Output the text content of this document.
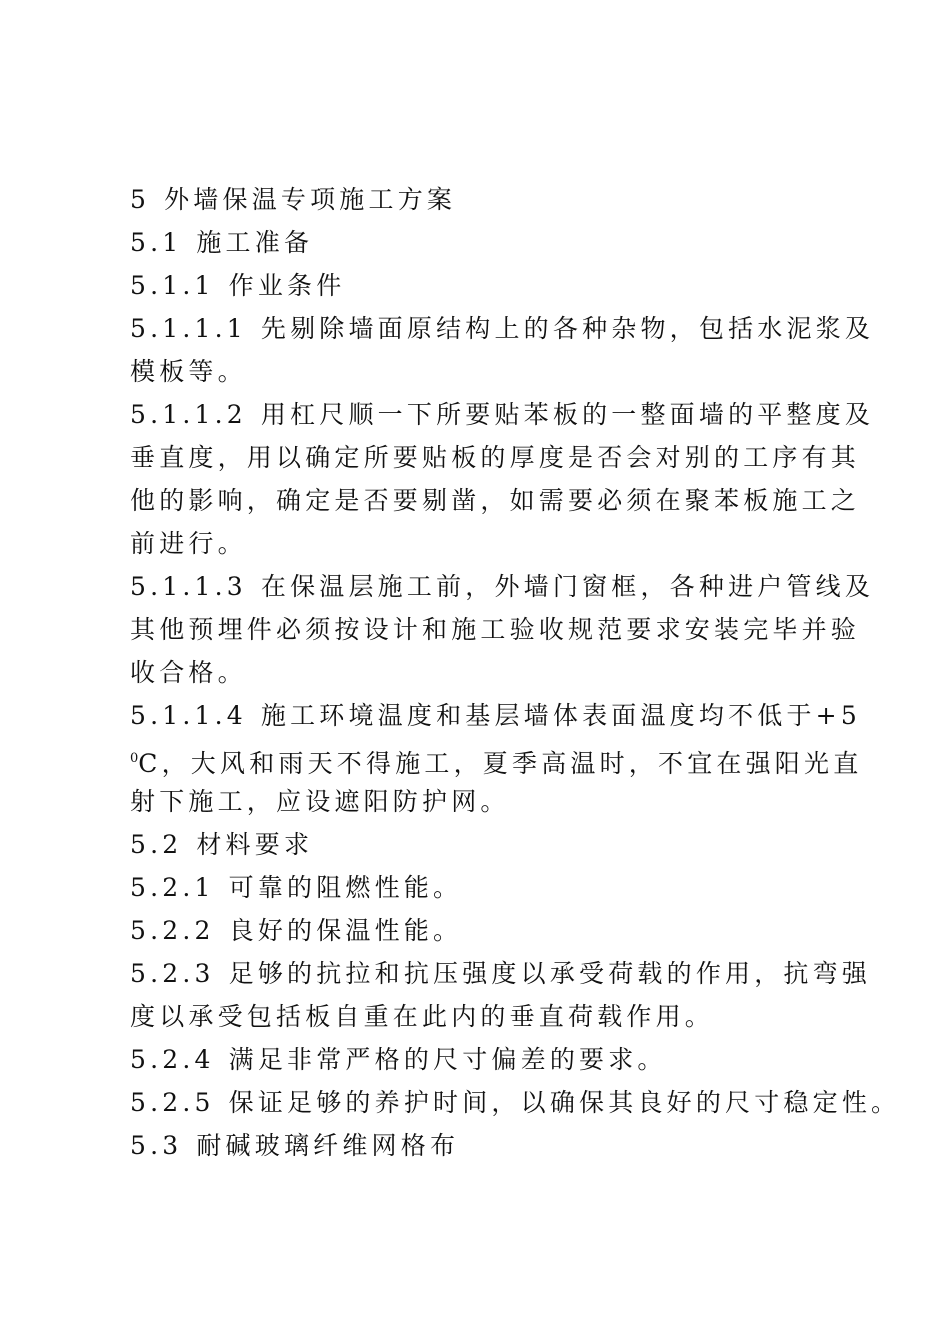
5 外墙保温专项施工方案
5.1 施工准备
5.1.1 作业条件
5.1.1.1 先剔除墙面原结构上的各种杂物，包括水泥浆及
模板等。
5.1.1.2 用杠尺顺一下所要贴苯板的一整面墙的平整度及
垂直度，用以确定所要贴板的厚度是否会对别的工序有其
他的影响，确定是否要剔凿，如需要必须在聚苯板施工之
前进行。
5.1.1.3 在保温层施工前，外墙门窗框，各种进户管线及
其他预埋件必须按设计和施工验收规范要求安装完毕并验
收合格。
5.1.1.4 施工环境温度和基层墙体表面温度均不低于+5
$^0$C，大风和雨天不得施工，夏季高温时，不宜在强阳光直
射下施工，应设遮阳防护网。
5.2 材料要求
5.2.1 可靠的阻燃性能。
5.2.2 良好的保温性能。
5.2.3 足够的抗拉和抗压强度以承受荷载的作用，抗弯强
度以承受包括板自重在此内的垂直荷载作用。
5.2.4 满足非常严格的尺寸偏差的要求。
5.2.5 保证足够的养护时间，以确保其良好的尺寸稳定性。
5.3 耐碱玻璃纤维网格布
